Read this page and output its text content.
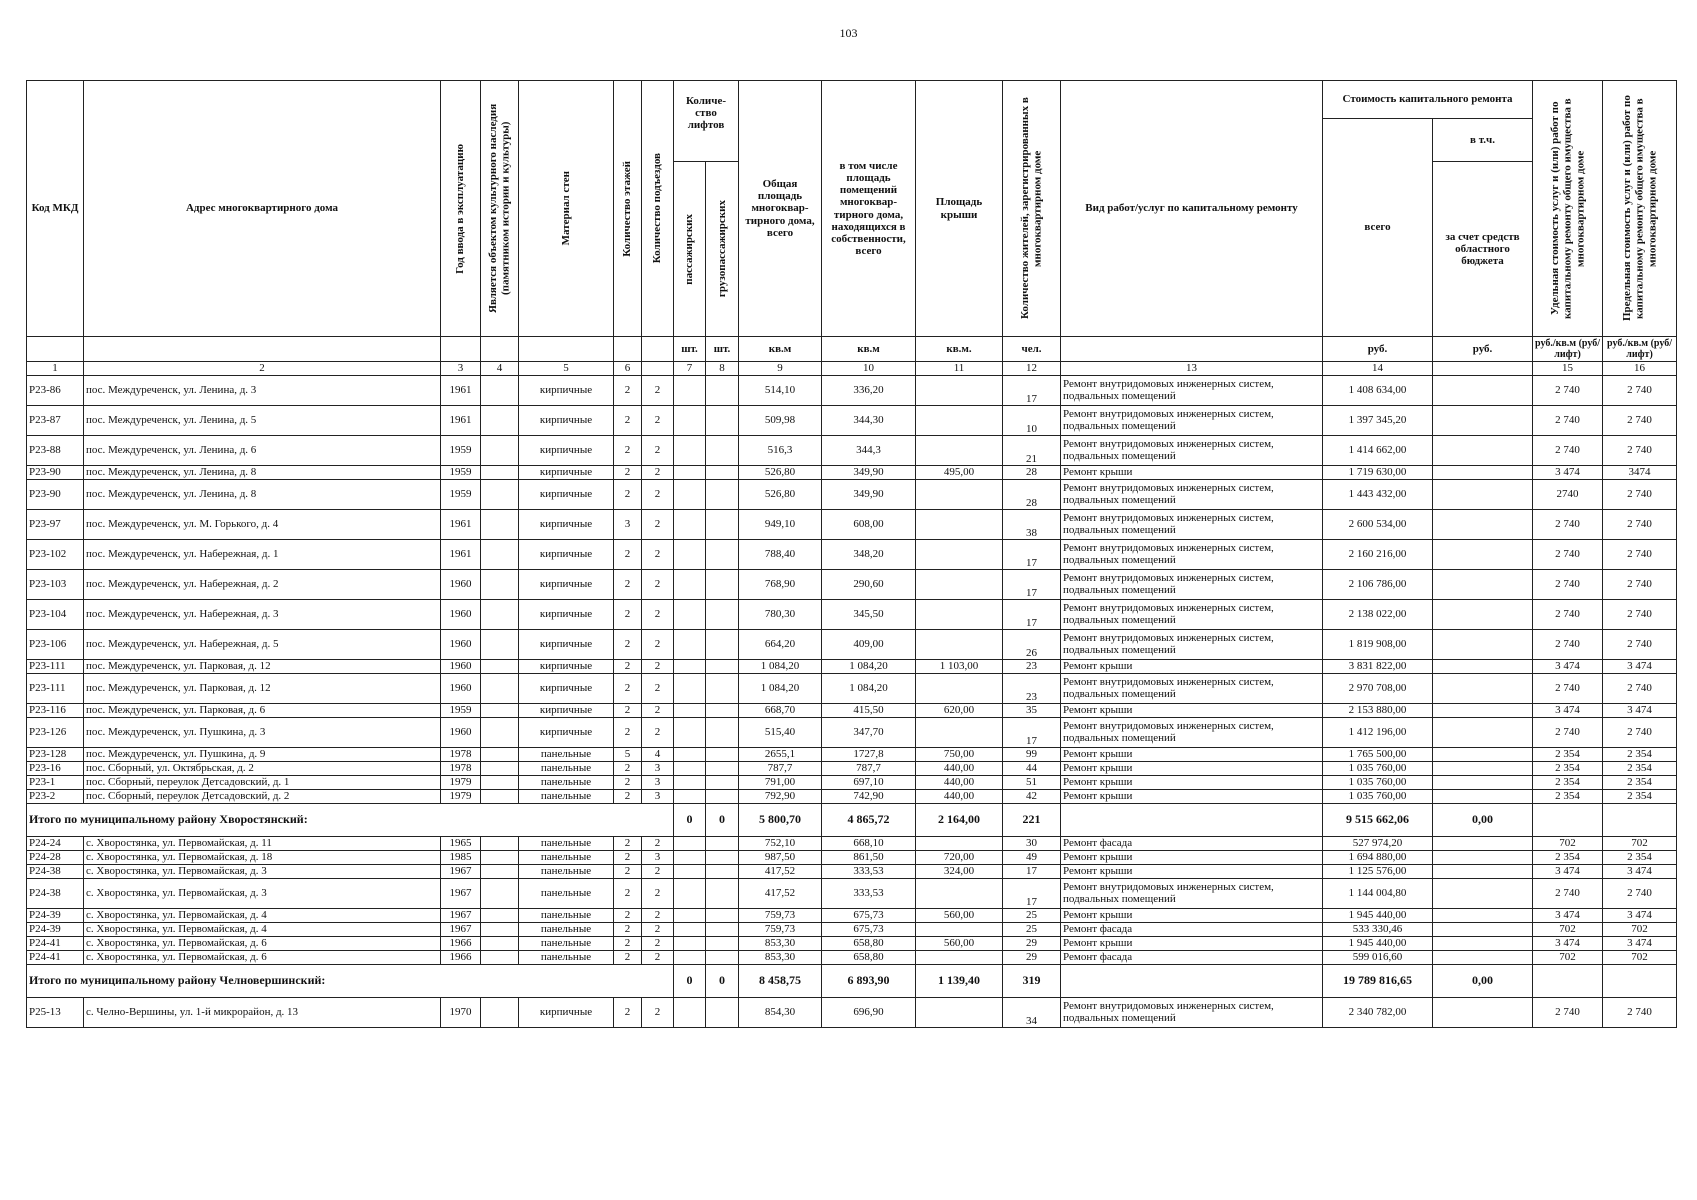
103
Код МКД	Адрес многоквартирного дома	Год ввода в эксплуатацию	Является объектом культурного наследия (памятником истории и культуры)	Материал стен	Количество этажей	Количество подъездов	Количе-ство лифтов		Общая площадь многоквар-тирного дома, всего	в том числе площадь помещений многоквар-тирного дома, находящихся в собственности, всего	Площадь крыши	Количество жителей, зарегистрированных в многоквартирном доме	Вид работ/услуг по капитальному ремонту	Стоимость капитального ремонта		Удельная стоимость услуг и (или) работ по капитальному ремонту общего имущества в многоквартирном доме	Предельная стоимость услуг и (или) работ по капитальному ремонту общего имущества в многоквартирном доме

														всего	в т.ч.		

							пассажирских	грузопассажирских							за счет средств областного бюджета		
							шт.	шт.	кв.м	кв.м	кв.м.	чел.		руб.	руб.	руб./кв.м (руб/лифт)	руб./кв.м (руб/лифт)
1	2	3	4	5	6		7	8	9	10	11	12	13	14		15	16
Р23-86	пос. Междуреченск, ул. Ленина, д. 3	1961		кирпичные	2	2			514,10	336,20		17	Ремонт внутридомовых инженерных систем, подвальных помещений	1 408 634,00		2 740	2 740
Р23-87	пос. Междуреченск, ул. Ленина, д. 5	1961		кирпичные	2	2			509,98	344,30		10	Ремонт внутридомовых инженерных систем, подвальных помещений	1 397 345,20		2 740	2 740
Р23-88	пос. Междуреченск, ул. Ленина, д. 6	1959		кирпичные	2	2			516,3	344,3		21	Ремонт внутридомовых инженерных систем, подвальных помещений	1 414 662,00		2 740	2 740
Р23-90	пос. Междуреченск, ул. Ленина, д. 8	1959		кирпичные	2	2			526,80	349,90	495,00	28	Ремонт крыши	1 719 630,00		3 474	3474
Р23-90	пос. Междуреченск, ул. Ленина, д. 8	1959		кирпичные	2	2			526,80	349,90		28	Ремонт внутридомовых инженерных систем, подвальных помещений	1 443 432,00		2740	2 740
Р23-97	пос. Междуреченск, ул. М. Горького, д. 4	1961		кирпичные	3	2			949,10	608,00		38	Ремонт внутридомовых инженерных систем, подвальных помещений	2 600 534,00		2 740	2 740
Р23-102	пос. Междуреченск, ул. Набережная, д. 1	1961		кирпичные	2	2			788,40	348,20		17	Ремонт внутридомовых инженерных систем, подвальных помещений	2 160 216,00		2 740	2 740
Р23-103	пос. Междуреченск, ул. Набережная, д. 2	1960		кирпичные	2	2			768,90	290,60		17	Ремонт внутридомовых инженерных систем, подвальных помещений	2 106 786,00		2 740	2 740
Р23-104	пос. Междуреченск, ул. Набережная, д. 3	1960		кирпичные	2	2			780,30	345,50		17	Ремонт внутридомовых инженерных систем, подвальных помещений	2 138 022,00		2 740	2 740
Р23-106	пос. Междуреченск, ул. Набережная, д. 5	1960		кирпичные	2	2			664,20	409,00		26	Ремонт внутридомовых инженерных систем, подвальных помещений	1 819 908,00		2 740	2 740
Р23-111	пос. Междуреченск, ул. Парковая, д. 12	1960		кирпичные	2	2			1 084,20	1 084,20	1 103,00	23	Ремонт крыши	3 831 822,00		3 474	3 474
Р23-111	пос. Междуреченск, ул. Парковая, д. 12	1960		кирпичные	2	2			1 084,20	1 084,20		23	Ремонт внутридомовых инженерных систем, подвальных помещений	2 970 708,00		2 740	2 740
Р23-116	пос. Междуреченск, ул. Парковая, д. 6	1959		кирпичные	2	2			668,70	415,50	620,00	35	Ремонт крыши	2 153 880,00		3 474	3 474
Р23-126	пос. Междуреченск, ул. Пушкина, д. 3	1960		кирпичные	2	2			515,40	347,70		17	Ремонт внутридомовых инженерных систем, подвальных помещений	1 412 196,00		2 740	2 740
Р23-128	пос. Междуреченск, ул. Пушкина, д. 9	1978		панельные	5	4			2655,1	1727,8	750,00	99	Ремонт крыши	1 765 500,00		2 354	2 354
Р23-16	пос. Сборный, ул. Октябрьская, д. 2	1978		панельные	2	3			787,7	787,7	440,00	44	Ремонт крыши	1 035 760,00		2 354	2 354
Р23-1	пос. Сборный, переулок Детсадовский, д. 1	1979		панельные	2	3			791,00	697,10	440,00	51	Ремонт крыши	1 035 760,00		2 354	2 354
Р23-2	пос. Сборный, переулок Детсадовский, д. 2	1979		панельные	2	3			792,90	742,90	440,00	42	Ремонт крыши	1 035 760,00		2 354	2 354
Итого по муниципальному району Хворостянский:							0	0	5 800,70	4 865,72	2 164,00	221		9 515 662,06	0,00		
Р24-24	с. Хворостянка, ул. Первомайская, д. 11	1965		панельные	2	2			752,10	668,10		30	Ремонт фасада	527 974,20		702	702
Р24-28	с. Хворостянка, ул. Первомайская, д. 18	1985		панельные	2	3			987,50	861,50	720,00	49	Ремонт крыши	1 694 880,00		2 354	2 354
Р24-38	с. Хворостянка, ул. Первомайская, д. 3	1967		панельные	2	2			417,52	333,53	324,00	17	Ремонт крыши	1 125 576,00		3 474	3 474
Р24-38	с. Хворостянка, ул. Первомайская, д. 3	1967		панельные	2	2			417,52	333,53		17	Ремонт внутридомовых инженерных систем, подвальных помещений	1 144 004,80		2 740	2 740
Р24-39	с. Хворостянка, ул. Первомайская, д. 4	1967		панельные	2	2			759,73	675,73	560,00	25	Ремонт крыши	1 945 440,00		3 474	3 474
Р24-39	с. Хворостянка, ул. Первомайская, д. 4	1967		панельные	2	2			759,73	675,73		25	Ремонт фасада	533 330,46		702	702
Р24-41	с. Хворостянка, ул. Первомайская, д. 6	1966		панельные	2	2			853,30	658,80	560,00	29	Ремонт крыши	1 945 440,00		3 474	3 474
Р24-41	с. Хворостянка, ул. Первомайская, д. 6	1966		панельные	2	2			853,30	658,80		29	Ремонт фасада	599 016,60		702	702
Итого по муниципальному району Челновершинский:							0	0	8 458,75	6 893,90	1 139,40	319		19 789 816,65	0,00		
Р25-13	с. Челно-Вершины, ул. 1-й микрорайон, д. 13	1970		кирпичные	2	2			854,30	696,90		34	Ремонт внутридомовых инженерных систем, подвальных помещений	2 340 782,00		2 740	2 740
